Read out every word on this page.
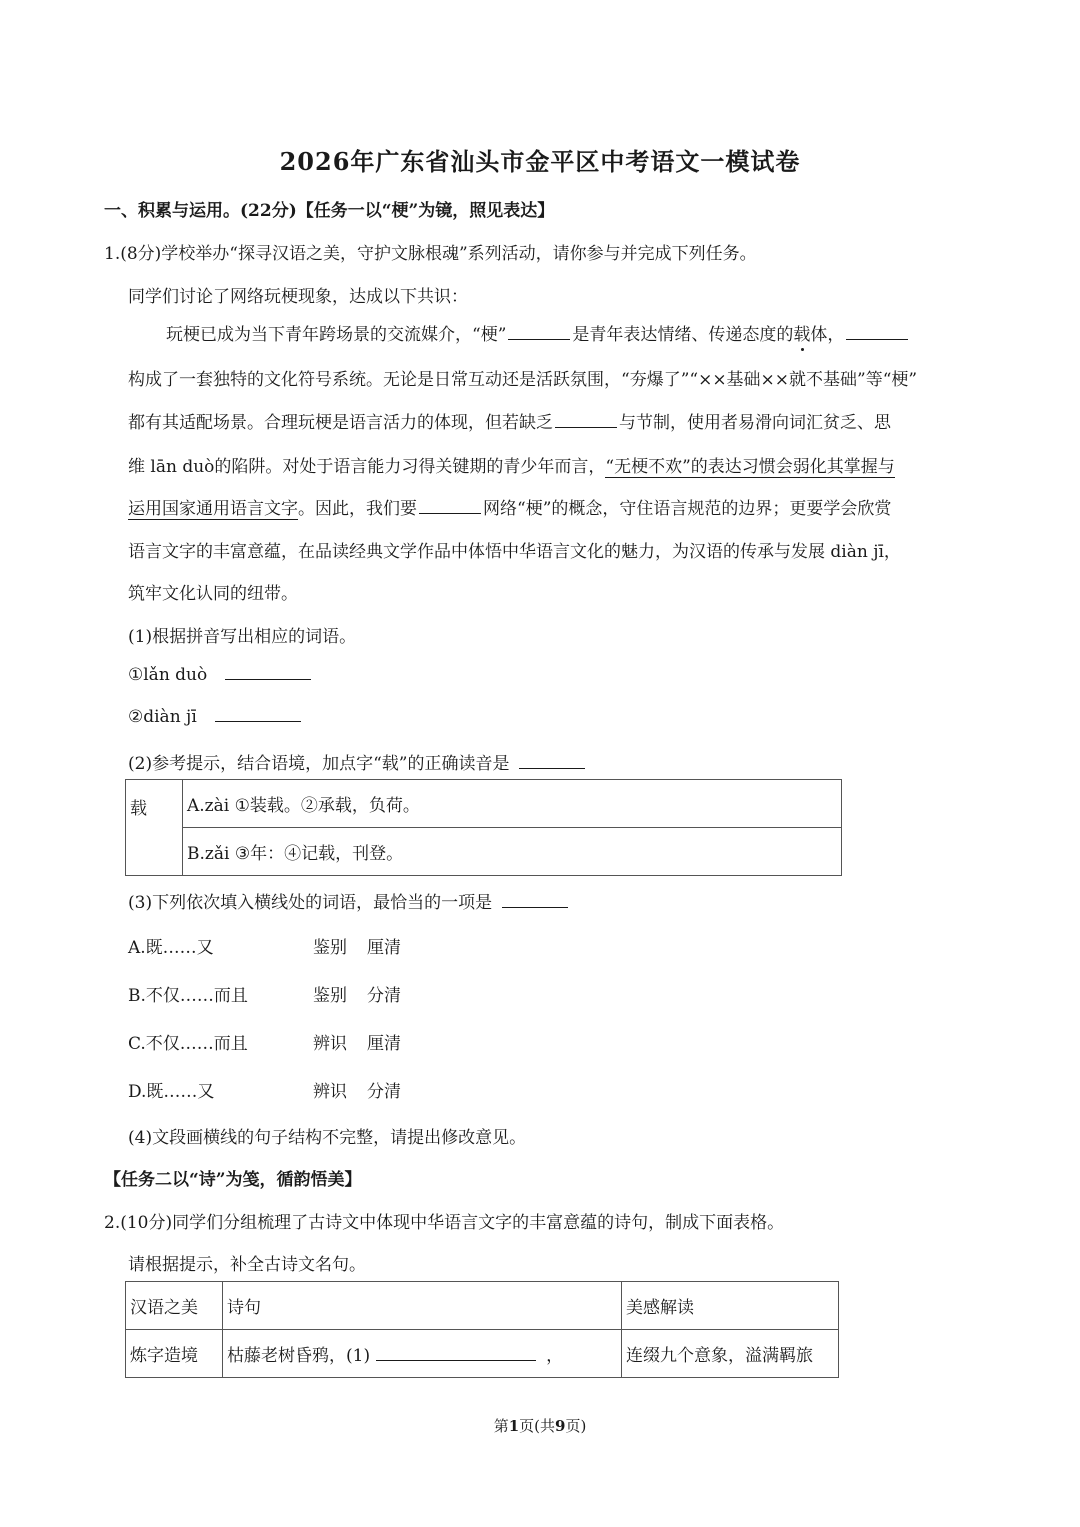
2026年广东省汕头市金平区中考语文一模试卷
一、积累与运用。(22分)【任务一以“梗”为镜，照见表达】
1.(8分)学校举办“探寻汉语之美，守护文脉根魂”系列活动，请你参与并完成下列任务。
同学们讨论了网络玩梗现象，达成以下共识：
玩梗已成为当下青年跨场景的交流媒介，“梗”	是青年表达情绪、传递态度的载体，
构成了一套独特的文化符号系统。无论是日常互动还是活跃氛围，“夯爆了”“××基础××就不基础”等“梗”
都有其适配场景。合理玩梗是语言活力的体现，但若缺乏	与节制，使用者易滑向词汇贫乏、思
维 lān duò的陷阱。对处于语言能力习得关键期的青少年而言，“无梗不欢”的表达习惯会弱化其掌握与
运用国家通用语言文字。因此，我们要	网络“梗”的概念，守住语言规范的边界；更要学会欣赏
语言文字的丰富意蕴，在品读经典文学作品中体悟中华语言文化的魅力，为汉语的传承与发展 diàn jī，
筑牢文化认同的纽带。
(1)根据拼音写出相应的词语。
①lǎn duò
②diàn jī
(2)参考提示，结合语境，加点字“载”的正确读音是
载	A.zài ①装载。②承载，负荷。
B.zǎi ③年：④记载，刊登。
(3)下列依次填入横线处的词语，最恰当的一项是
A.既……又	鉴别 厘清
B.不仅……而且	鉴别 分清
C.不仅……而且	辨识 厘清
D.既……又	辨识 分清
(4)文段画横线的句子结构不完整，请提出修改意见。
【任务二以“诗”为笺，循韵悟美】
2.(10分)同学们分组梳理了古诗文中体现中华语言文字的丰富意蕴的诗句，制成下面表格。
请根据提示，补全古诗文名句。
汉语之美	诗句	美感解读
炼字造境	枯藤老树昏鸦，(1) ，	连缀九个意象，溢满羁旅
第1页(共9页)
